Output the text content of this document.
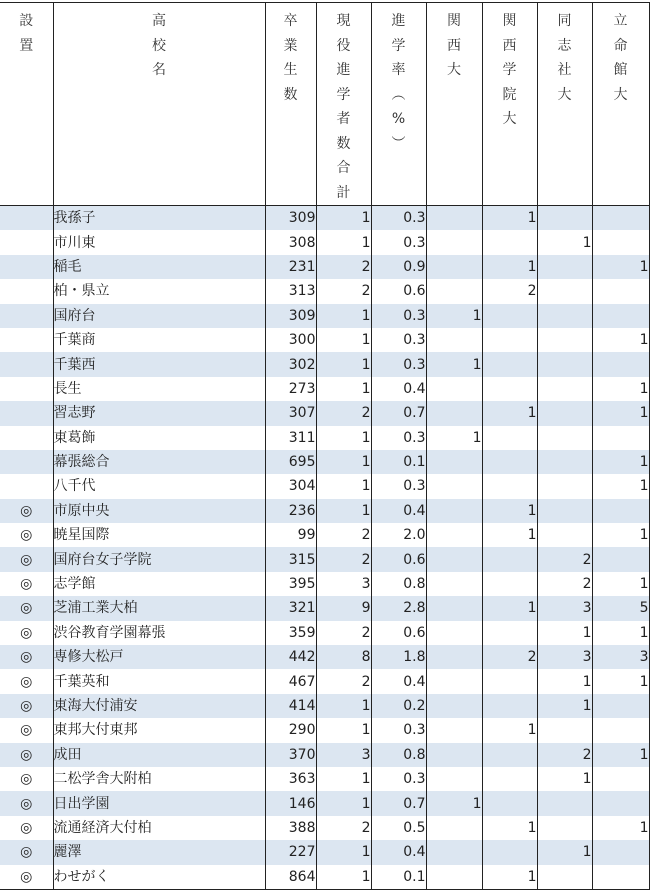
設
置

高
校
名

卒
業
生
数

現
役
進
学
者
数
合
計

進
学
率
︵
%
︶

関
西
大

関
西
学
院
大

同
志
社
大

立
命
館
大

	我孫子	309	1	0.3		1		
	市川東	308	1	0.3			1	
	稲毛	231	2	0.9		1		1
	柏・県立	313	2	0.6		2		
	国府台	309	1	0.3	1			
	千葉商	300	1	0.3				1
	千葉西	302	1	0.3	1			
	長生	273	1	0.4				1
	習志野	307	2	0.7		1		1
	東葛飾	311	1	0.3	1			
	幕張総合	695	1	0.1				1
	八千代	304	1	0.3				1
◎	市原中央	236	1	0.4		1		
◎	暁星国際	99	2	2.0		1		1
◎	国府台女子学院	315	2	0.6			2	
◎	志学館	395	3	0.8			2	1
◎	芝浦工業大柏	321	9	2.8		1	3	5
◎	渋谷教育学園幕張	359	2	0.6			1	1
◎	専修大松戸	442	8	1.8		2	3	3
◎	千葉英和	467	2	0.4			1	1
◎	東海大付浦安	414	1	0.2			1	
◎	東邦大付東邦	290	1	0.3		1		
◎	成田	370	3	0.8			2	1
◎	二松学舎大附柏	363	1	0.3			1	
◎	日出学園	146	1	0.7	1			
◎	流通経済大付柏	388	2	0.5		1		1
◎	麗澤	227	1	0.4			1	
◎	わせがく	864	1	0.1		1		
